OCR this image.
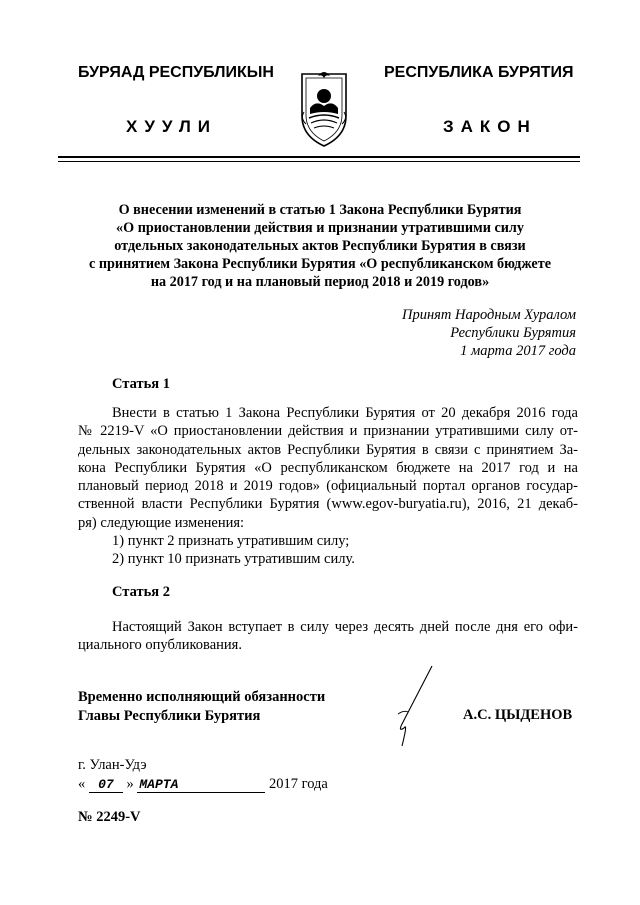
БУРЯАД РЕСПУБЛИКЫН
ХУУЛИ
РЕСПУБЛИКА БУРЯТИЯ
ЗАКОН
О внесении изменений в статью 1 Закона Республики Бурятия
«О приостановлении действия и признании утратившими силу
отдельных законодательных актов Республики Бурятия в связи
с принятием Закона Республики Бурятия «О республиканском бюджете
на 2017 год и на плановый период 2018 и 2019 годов»
Принят Народным Хуралом
Республики Бурятия
1 марта 2017 года
Статья 1
Внести в статью 1 Закона Республики Бурятия от 20 декабря 2016 года
№ 2219-V «О приостановлении действия и признании утратившими силу от-
дельных законодательных актов Республики Бурятия в связи с принятием За-
кона Республики Бурятия «О республиканском бюджете на 2017 год и на
плановый период 2018 и 2019 годов» (официальный портал органов государ-
ственной власти Республики Бурятия (www.egov-buryatia.ru), 2016, 21 декаб-
ря) следующие изменения:
1) пункт 2 признать утратившим силу;
2) пункт 10 признать утратившим силу.
Статья 2
Настоящий Закон вступает в силу через десять дней после дня его офи-
циального опубликования.
Временно исполняющий обязанности
Главы Республики Бурятия	А.С. ЦЫДЕНОВ
г. Улан-Удэ
« 07 » МАРТА	2017 года
№ 2249-V
